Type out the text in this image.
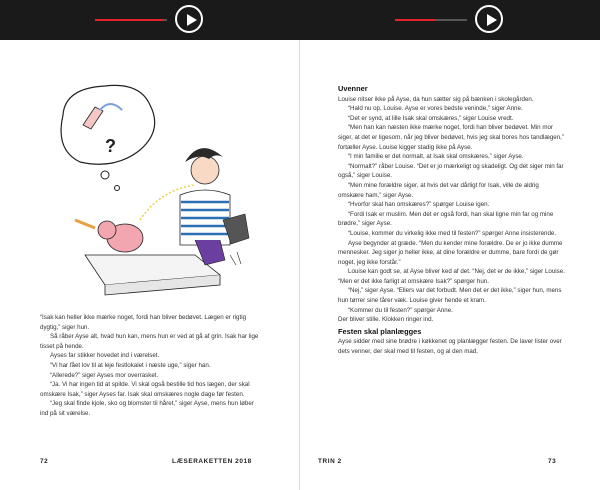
?

“Isak kan heller ikke mærke noget, fordi han bliver bedøvet. Lægen er rigtig dygtig,” siger hun.

Så råber Ayse alt, hvad hun kan, mens hun er ved at gå af grin. Isak har lige tisset på hende.

Ayses far stikker hovedet ind i værelset.

“Vi har fået lov til at leje festlokalet i næste uge,” siger han.

“Allerede?” siger Ayses mor overrasket.

“Ja. Vi har ingen tid at spilde. Vi skal også bestille tid hos lægen, der skal omskære Isak,” siger Ayses far. Isak skal omskæres nogle dage før festen.

“Jeg skal finde kjole, sko og blomster til håret,” siger Ayse, mens hun løber ind på sit værelse.

72	LÆSERAKETTEN 2018
Uvenner

Louise nitser ikke på Ayse, da hun sætter sig på bænken i skolegården.

“Hald nu op, Louise. Ayse er vores bedste veninde,” siger Anne.

“Det er synd, at lille Isak skal omskæres,” siger Louise vredt.

“Men han kan næsten ikke mærke noget, fordi han bliver bedøvet. Min mor siger, at det er ligesom, når jeg bliver bedøvet, hvis jeg skal bores hos tandlægen,” fortæller Ayse. Louise kigger stadig ikke på Ayse.

“I min familie er det normalt, at Isak skal omskæres,” siger Ayse.

“Normalt?” råber Louise. “Det er jo mærkeligt og skadeligt. Og det siger min far også,” siger Louise.

“Men mine forældre siger, at hvis det var dårligt for Isak, ville de aldrig omskære ham,” siger Ayse.

“Hvorfor skal han omskæres?” spørger Louise igen.

“Fordi Isak er muslim. Men det er også fordi, han skal ligne min far og mine brødre,” siger Ayse.

“Louise, kommer du virkelig ikke med til festen?” spørger Anne insisterende.

Ayse begynder at græde. “Men du kender mine forældre. De er jo ikke dumme mennesker. Jeg siger jo heller ikke, at dine forældre er dumme, bare fordi de gør noget, jeg ikke forstår.”

Louise kan godt se, at Ayse bliver ked af det. “Nej, det er de ikke,” siger Louise. “Men er det ikke farligt at omskære Isak?” spørger hun.

“Nej,” siger Ayse. “Ellers var det forbudt. Men det er det ikke,” siger hun, mens hun tørrer sine tårer væk. Louise giver hende et kram.

“Kommer du til festen?” spørger Anne.

Der bliver stille. Klokken ringer ind.

Festen skal planlægges

Ayse sidder med sine brødre i køkkenet og planlægger festen. De laver lister over dets venner, der skal med til festen, og al den mad,

TRIN 2	73
